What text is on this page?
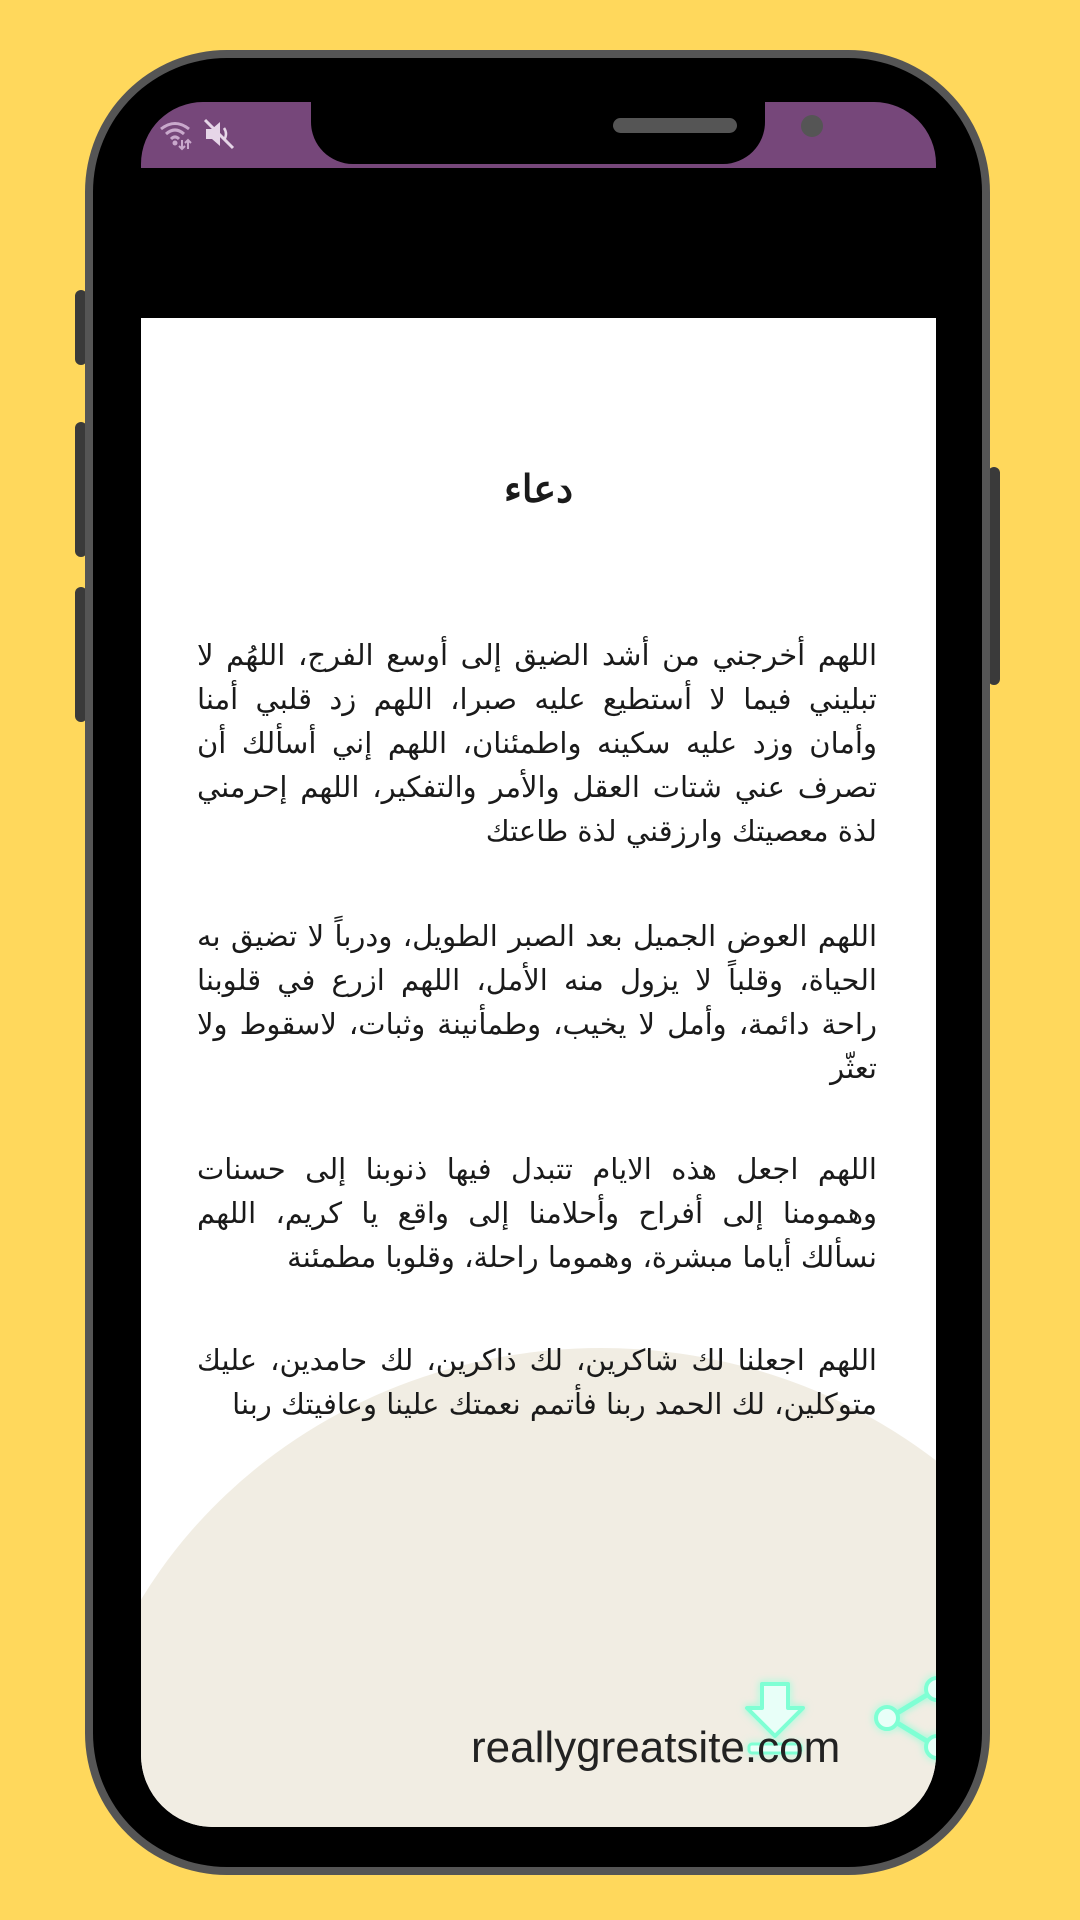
دعاء

اللهم أخرجني من أشد الضيق إلى أوسع الفرج، اللهُم لا تبليني فيما لا أستطيع عليه صبرا، اللهم زد قلبي أمنا وأمان وزد عليه سكينه واطمئنان، اللهم إني أسألك أن تصرف عني شتات العقل والأمر والتفكير، اللهم إحرمني لذة معصيتك وارزقني لذة طاعتك

اللهم العوض الجميل بعد الصبر الطويل، ودرباً لا تضيق به الحياة، وقلباً لا يزول منه الأمل، اللهم ازرع في قلوبنا راحة دائمة، وأمل لا يخيب، وطمأنينة وثبات، لاسقوط ولا تعثّر

اللهم اجعل هذه الايام تتبدل فيها ذنوبنا إلى حسنات وهمومنا إلى أفراح وأحلامنا إلى واقع يا كريم، اللهم نسألك أياما مبشرة، وهموما راحلة، وقلوبا مطمئنة

اللهم اجعلنا لك شاكرين، لك ذاكرين، لك حامدين، عليك متوكلين، لك الحمد ربنا فأتمم نعمتك علينا وعافيتك ربنا

reallygreatsite.com
